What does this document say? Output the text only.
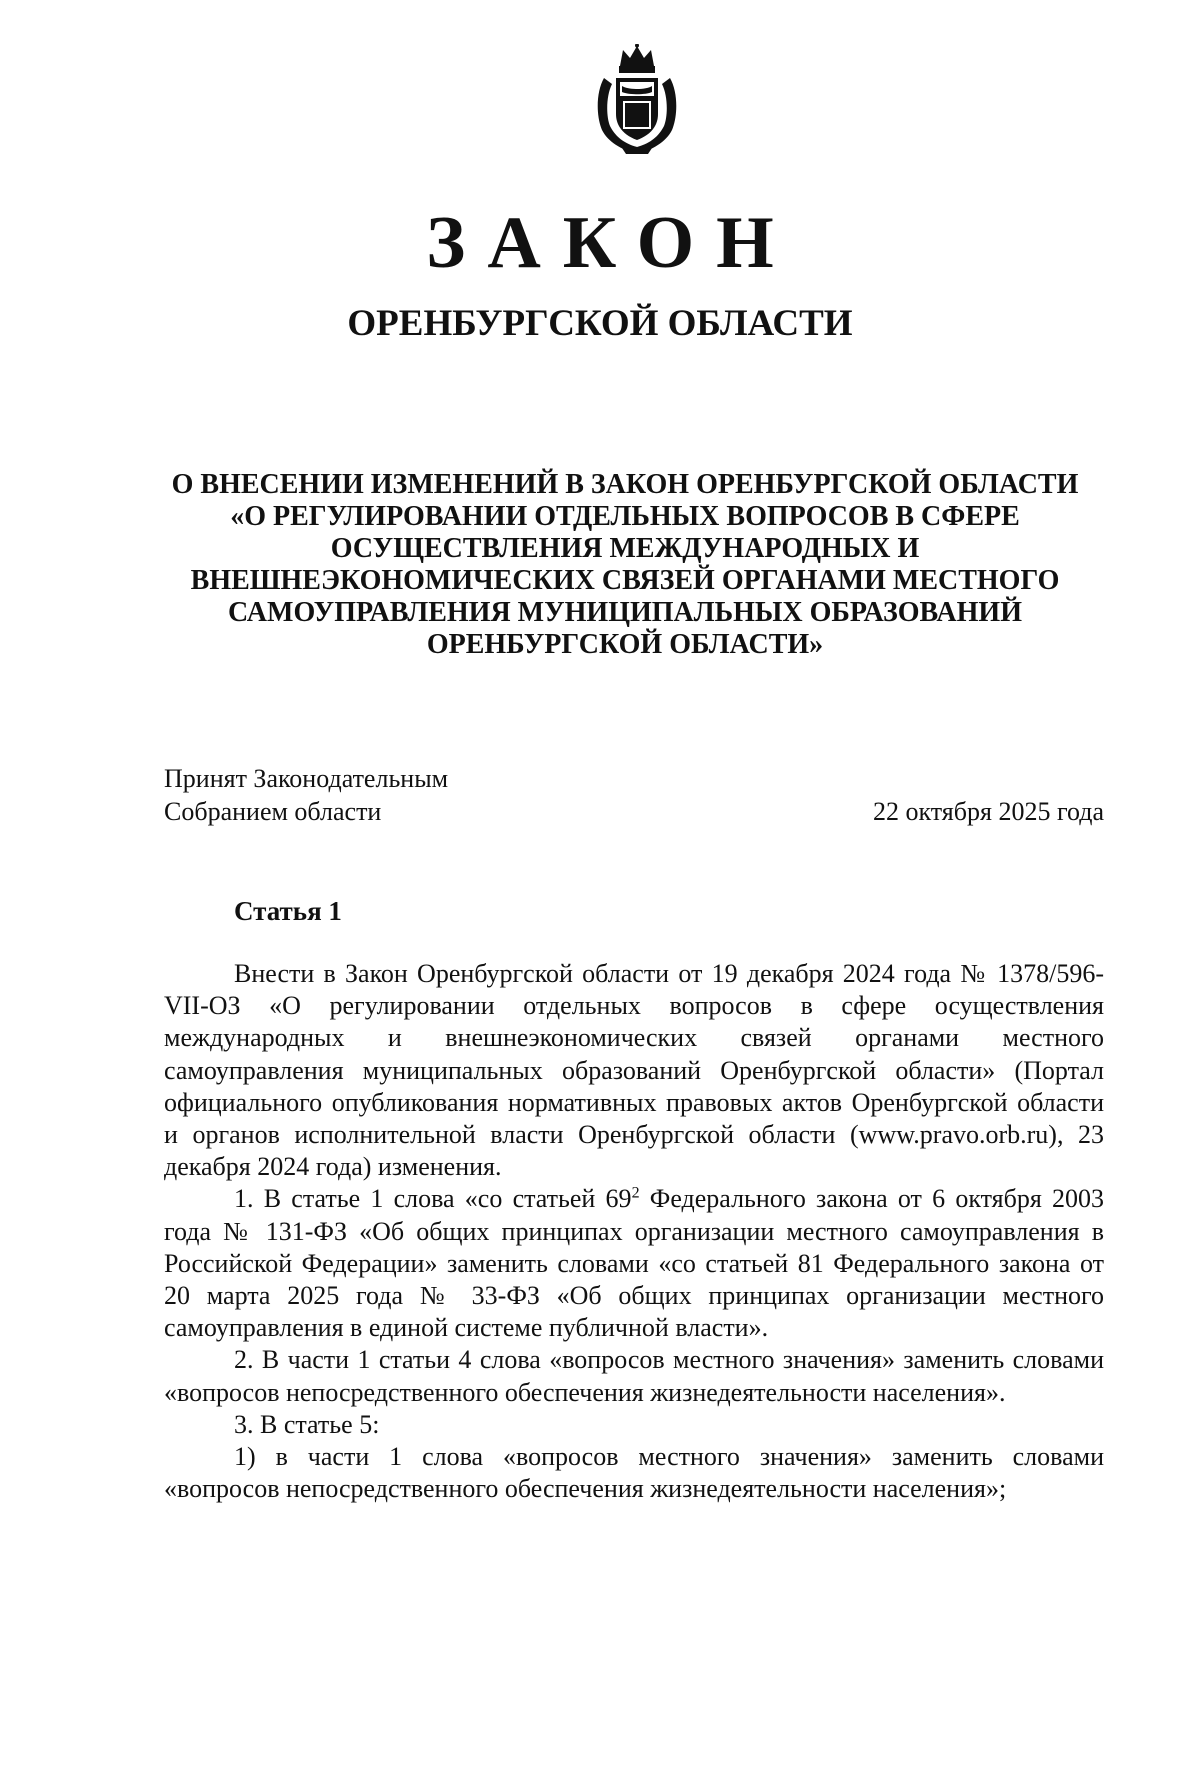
ЗАКОН
ОРЕНБУРГСКОЙ ОБЛАСТИ
О ВНЕСЕНИИ ИЗМЕНЕНИЙ В ЗАКОН ОРЕНБУРГСКОЙ ОБЛАСТИ
«О РЕГУЛИРОВАНИИ ОТДЕЛЬНЫХ ВОПРОСОВ В СФЕРЕ
ОСУЩЕСТВЛЕНИЯ МЕЖДУНАРОДНЫХ И
ВНЕШНЕЭКОНОМИЧЕСКИХ СВЯЗЕЙ ОРГАНАМИ МЕСТНОГО
САМОУПРАВЛЕНИЯ МУНИЦИПАЛЬНЫХ ОБРАЗОВАНИЙ
ОРЕНБУРГСКОЙ ОБЛАСТИ»
Принят Законодательным
Собранием области	22 октября 2025 года
Статья 1

Внести в Закон Оренбургской области от 19 декабря 2024 года № 1378/596-VII-ОЗ «О регулировании отдельных вопросов в сфере осуществления международных и внешнеэкономических связей органами местного самоуправления муниципальных образований Оренбургской области» (Портал официального опубликования нормативных правовых актов Оренбургской области и органов исполнительной власти Оренбургской области (www.pravo.orb.ru), 23 декабря 2024 года) изменения.

1. В статье 1 слова «со статьей $69^2$ Федерального закона от 6 октября 2003 года № 131-ФЗ «Об общих принципах организации местного самоуправления в Российской Федерации» заменить словами «со статьей 81 Федерального закона от 20 марта 2025 года № 33-ФЗ «Об общих принципах организации местного самоуправления в единой системе публичной власти».

2. В части 1 статьи 4 слова «вопросов местного значения» заменить словами «вопросов непосредственного обеспечения жизнедеятельности населения».

3. В статье 5:

1) в части 1 слова «вопросов местного значения» заменить словами «вопросов непосредственного обеспечения жизнедеятельности населения»;
